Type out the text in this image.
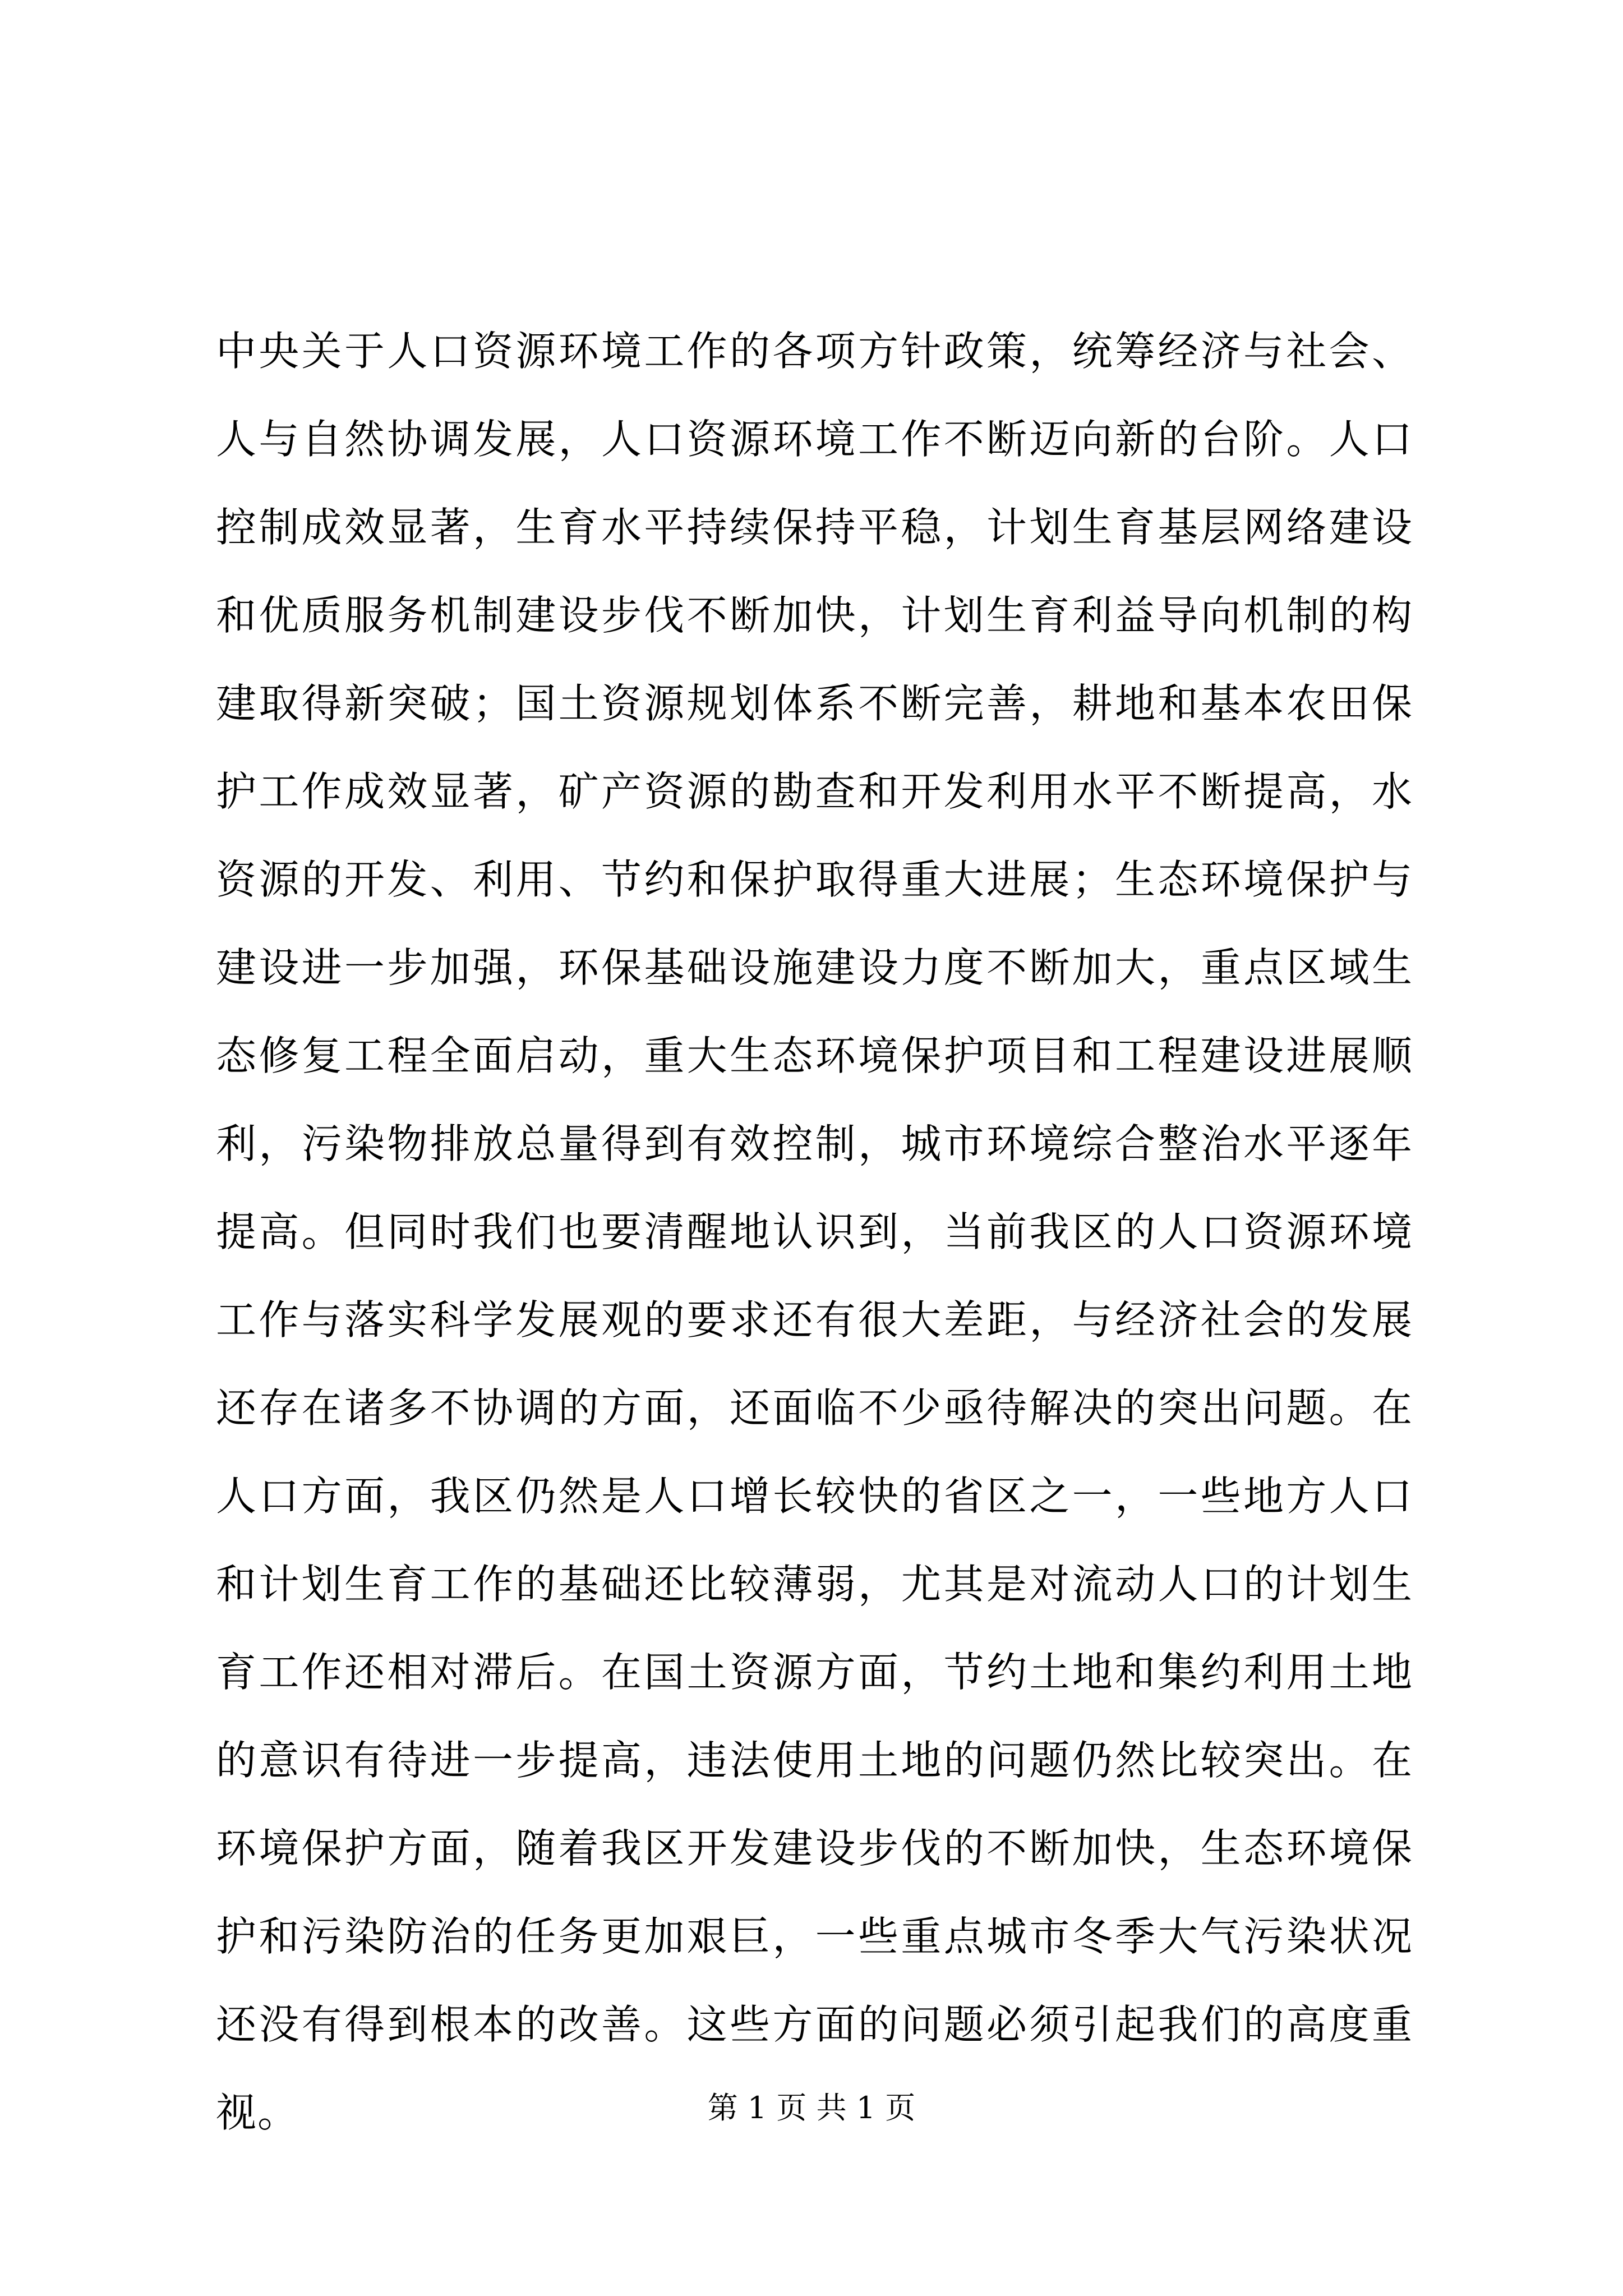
中央关于人口资源环境工作的各项方针政策，统筹经济与社会、
人与自然协调发展，人口资源环境工作不断迈向新的台阶。人口
控制成效显著，生育水平持续保持平稳，计划生育基层网络建设
和优质服务机制建设步伐不断加快，计划生育利益导向机制的构
建取得新突破；国土资源规划体系不断完善，耕地和基本农田保
护工作成效显著，矿产资源的勘查和开发利用水平不断提高，水
资源的开发、利用、节约和保护取得重大进展；生态环境保护与
建设进一步加强，环保基础设施建设力度不断加大，重点区域生
态修复工程全面启动，重大生态环境保护项目和工程建设进展顺
利，污染物排放总量得到有效控制，城市环境综合整治水平逐年
提高。但同时我们也要清醒地认识到，当前我区的人口资源环境
工作与落实科学发展观的要求还有很大差距，与经济社会的发展
还存在诸多不协调的方面，还面临不少亟待解决的突出问题。在
人口方面，我区仍然是人口增长较快的省区之一，一些地方人口
和计划生育工作的基础还比较薄弱，尤其是对流动人口的计划生
育工作还相对滞后。在国土资源方面，节约土地和集约利用土地
的意识有待进一步提高，违法使用土地的问题仍然比较突出。在
环境保护方面，随着我区开发建设步伐的不断加快，生态环境保
护和污染防治的任务更加艰巨，一些重点城市冬季大气污染状况
还没有得到根本的改善。这些方面的问题必须引起我们的高度重
视。	第 1 页 共 1 页
